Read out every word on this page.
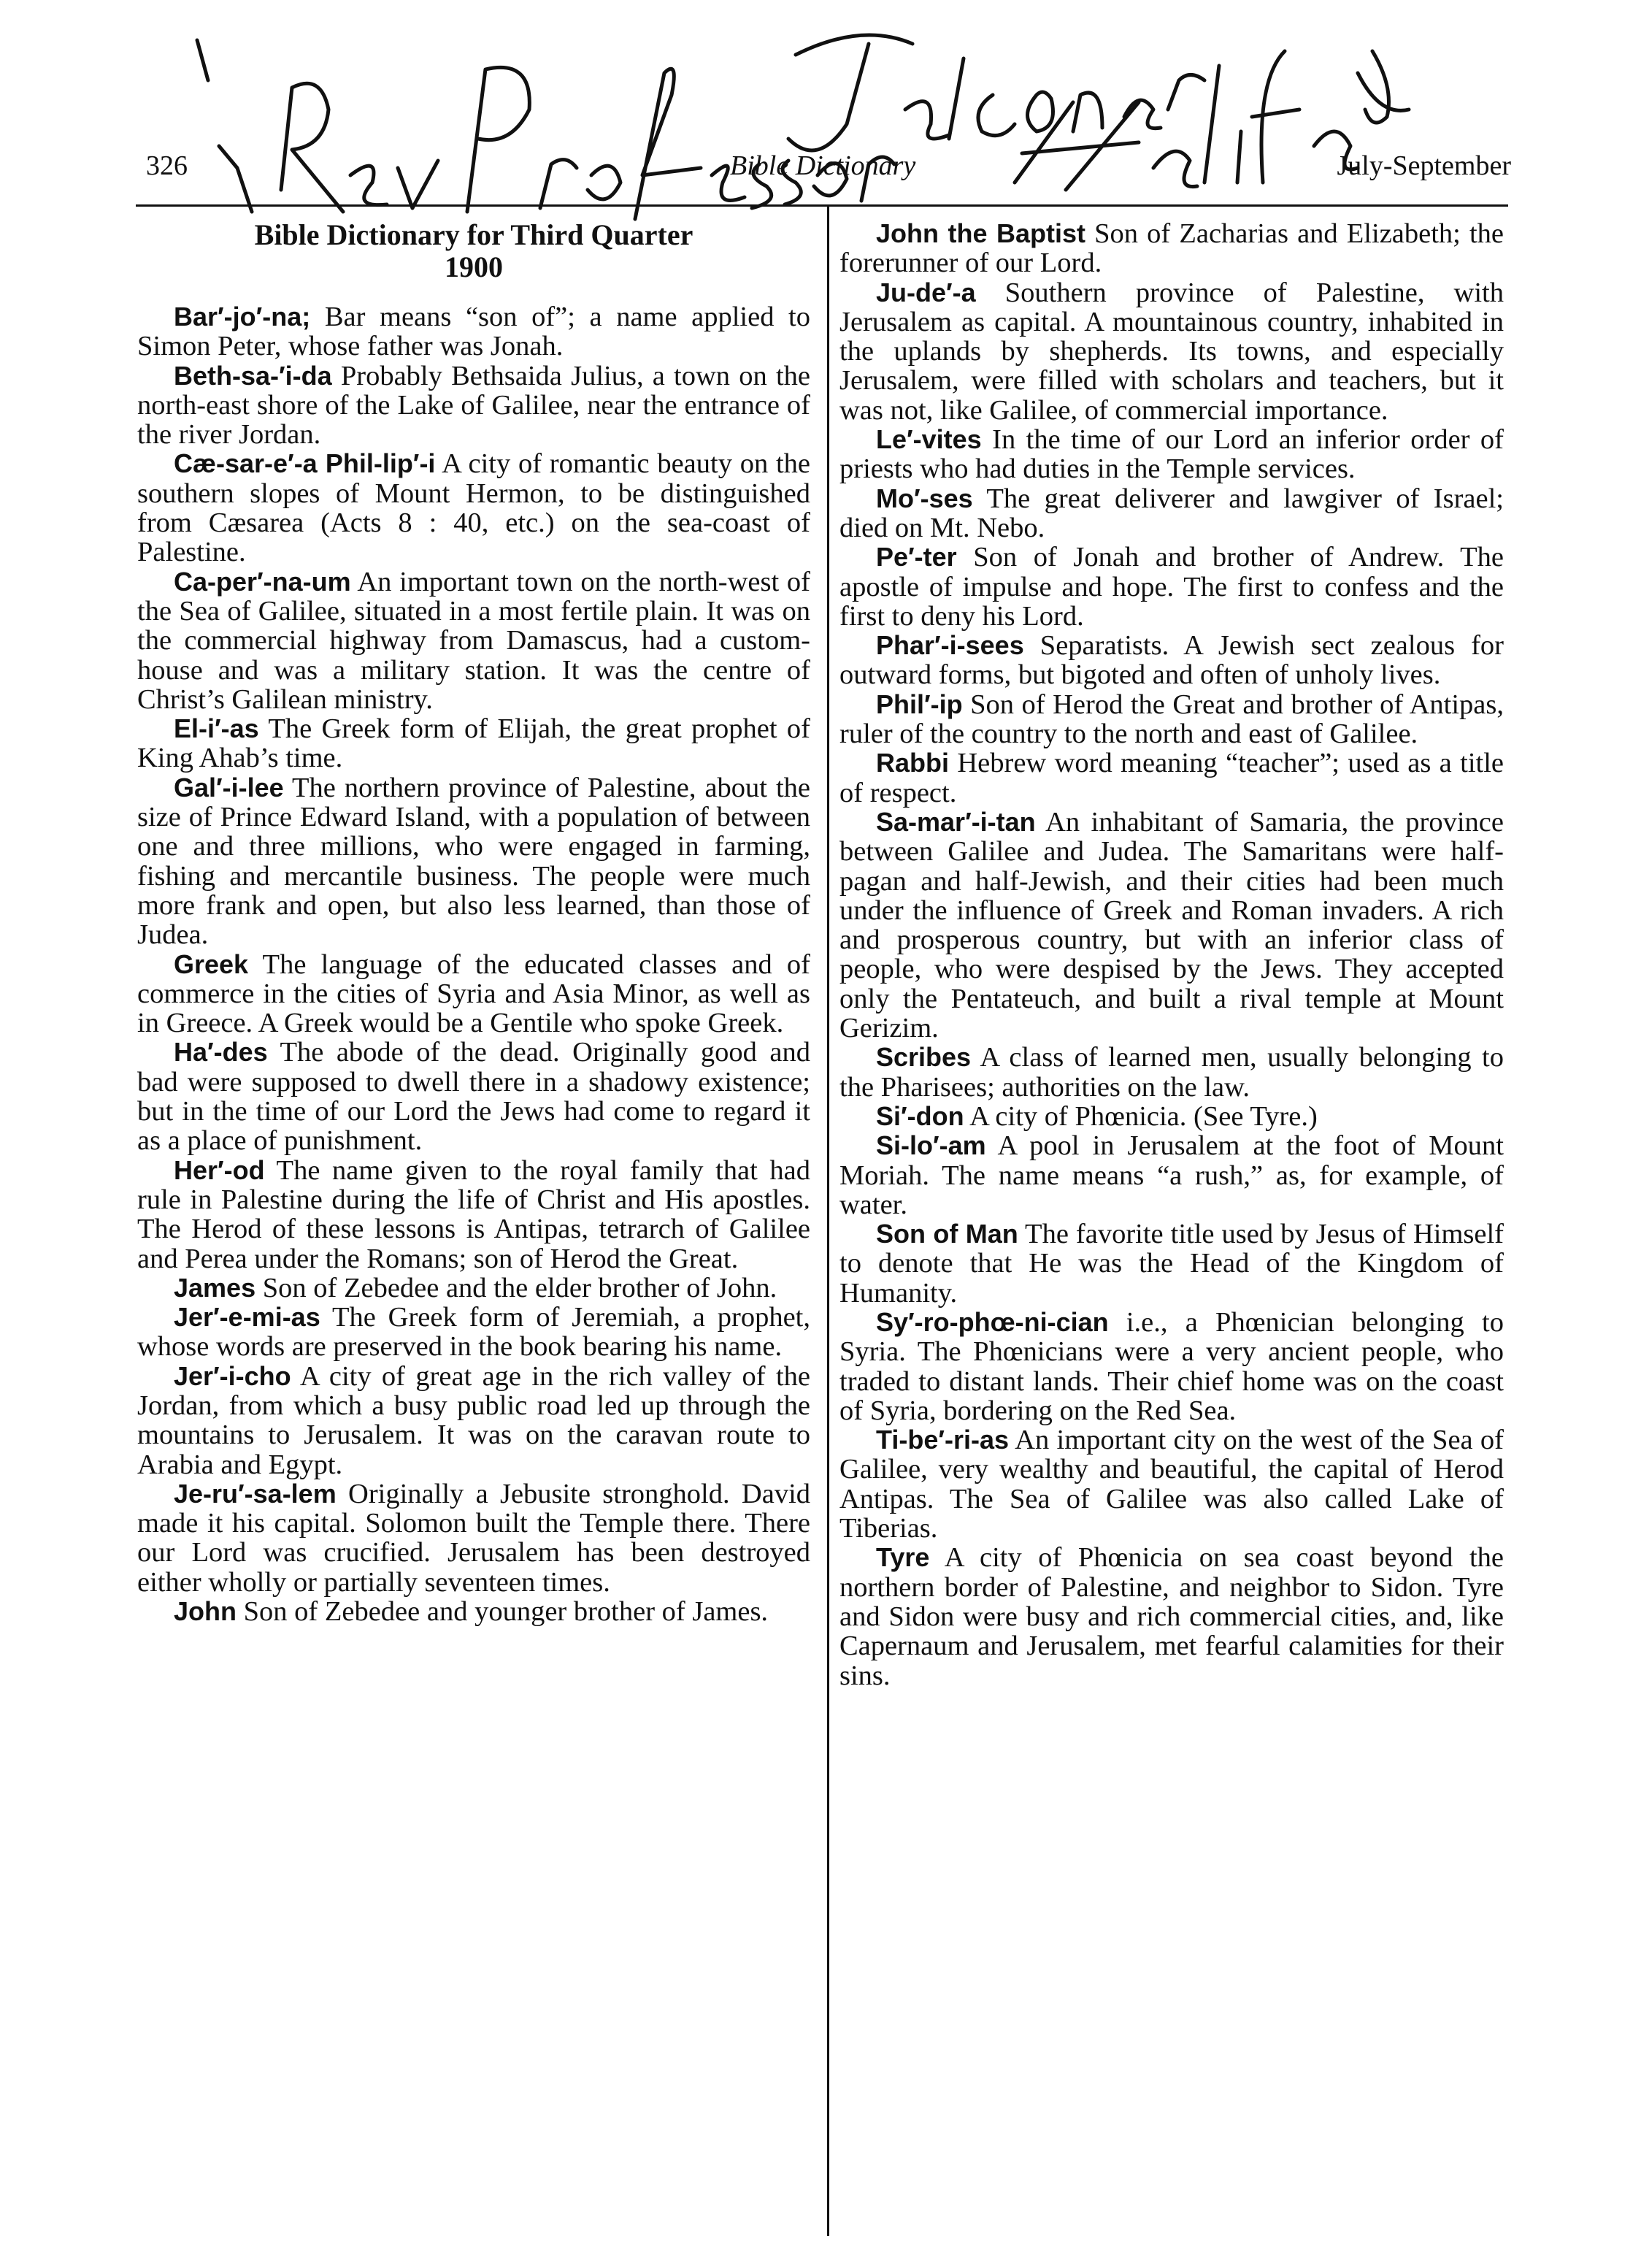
326	Bible Dictionary	July-September
Bible Dictionary for Third Quarter
1900

Bar′-jo′-na; Bar means “son of”; a name applied to Simon Peter, whose father was Jonah.

Beth-sa-′i-da Probably Bethsaida Julius, a town on the north-east shore of the Lake of Galilee, near the entrance of the river Jordan.

Cæ-sar-e′-a Phil-lip′-i A city of romantic beauty on the southern slopes of Mount Hermon, to be distinguished from Cæsarea (Acts 8 : 40, etc.) on the sea-coast of Palestine.

Ca-per′-na-um An important town on the north-west of the Sea of Galilee, situated in a most fertile plain. It was on the commercial highway from Damascus, had a custom-house and was a military station. It was the centre of Christ’s Galilean ministry.

El-i′-as The Greek form of Elijah, the great prophet of King Ahab’s time.

Gal′-i-lee The northern province of Palestine, about the size of Prince Edward Island, with a population of between one and three millions, who were engaged in farming, fishing and mercantile business. The people were much more frank and open, but also less learned, than those of Judea.

Greek The language of the educated classes and of commerce in the cities of Syria and Asia Minor, as well as in Greece. A Greek would be a Gentile who spoke Greek.

Ha′-des The abode of the dead. Originally good and bad were supposed to dwell there in a shadowy existence; but in the time of our Lord the Jews had come to regard it as a place of punishment.

Her′-od The name given to the royal family that had rule in Palestine during the life of Christ and His apostles. The Herod of these lessons is Antipas, tetrarch of Galilee and Perea under the Romans; son of Herod the Great.

James Son of Zebedee and the elder brother of John.

Jer′-e-mi-as The Greek form of Jeremiah, a prophet, whose words are preserved in the book bearing his name.

Jer′-i-cho A city of great age in the rich valley of the Jordan, from which a busy public road led up through the mountains to Jerusalem. It was on the caravan route to Arabia and Egypt.

Je-ru′-sa-lem Originally a Jebusite stronghold. David made it his capital. Solomon built the Temple there. There our Lord was crucified. Jerusalem has been destroyed either wholly or partially seventeen times.

John Son of Zebedee and younger brother of James.

John the Baptist Son of Zacharias and Elizabeth; the forerunner of our Lord.

Ju-de′-a Southern province of Palestine, with Jerusalem as capital. A mountainous country, inhabited in the uplands by shepherds. Its towns, and especially Jerusalem, were filled with scholars and teachers, but it was not, like Galilee, of commercial importance.

Le′-vites In the time of our Lord an inferior order of priests who had duties in the Temple services.

Mo′-ses The great deliverer and lawgiver of Israel; died on Mt. Nebo.

Pe′-ter Son of Jonah and brother of Andrew. The apostle of impulse and hope. The first to confess and the first to deny his Lord.

Phar′-i-sees Separatists. A Jewish sect zealous for outward forms, but bigoted and often of unholy lives.

Phil′-ip Son of Herod the Great and brother of Antipas, ruler of the country to the north and east of Galilee.

Rabbi Hebrew word meaning “teacher”; used as a title of respect.

Sa-mar′-i-tan An inhabitant of Samaria, the province between Galilee and Judea. The Samaritans were half-pagan and half-Jewish, and their cities had been much under the influence of Greek and Roman invaders. A rich and prosperous country, but with an inferior class of people, who were despised by the Jews. They accepted only the Pentateuch, and built a rival temple at Mount Gerizim.

Scribes A class of learned men, usually belonging to the Pharisees; authorities on the law.

Si′-don A city of Phœnicia. (See Tyre.)

Si-lo′-am A pool in Jerusalem at the foot of Mount Moriah. The name means “a rush,” as, for example, of water.

Son of Man The favorite title used by Jesus of Himself to denote that He was the Head of the Kingdom of Humanity.

Sy′-ro-phœ-ni-cian i.e., a Phœnician belonging to Syria. The Phœnicians were a very ancient people, who traded to distant lands. Their chief home was on the coast of Syria, bordering on the Red Sea.

Ti-be′-ri-as An important city on the west of the Sea of Galilee, very wealthy and beautiful, the capital of Herod Antipas. The Sea of Galilee was also called Lake of Tiberias.

Tyre A city of Phœnicia on sea coast beyond the northern border of Palestine, and neighbor to Sidon. Tyre and Sidon were busy and rich commercial cities, and, like Capernaum and Jerusalem, met fearful calamities for their sins.
